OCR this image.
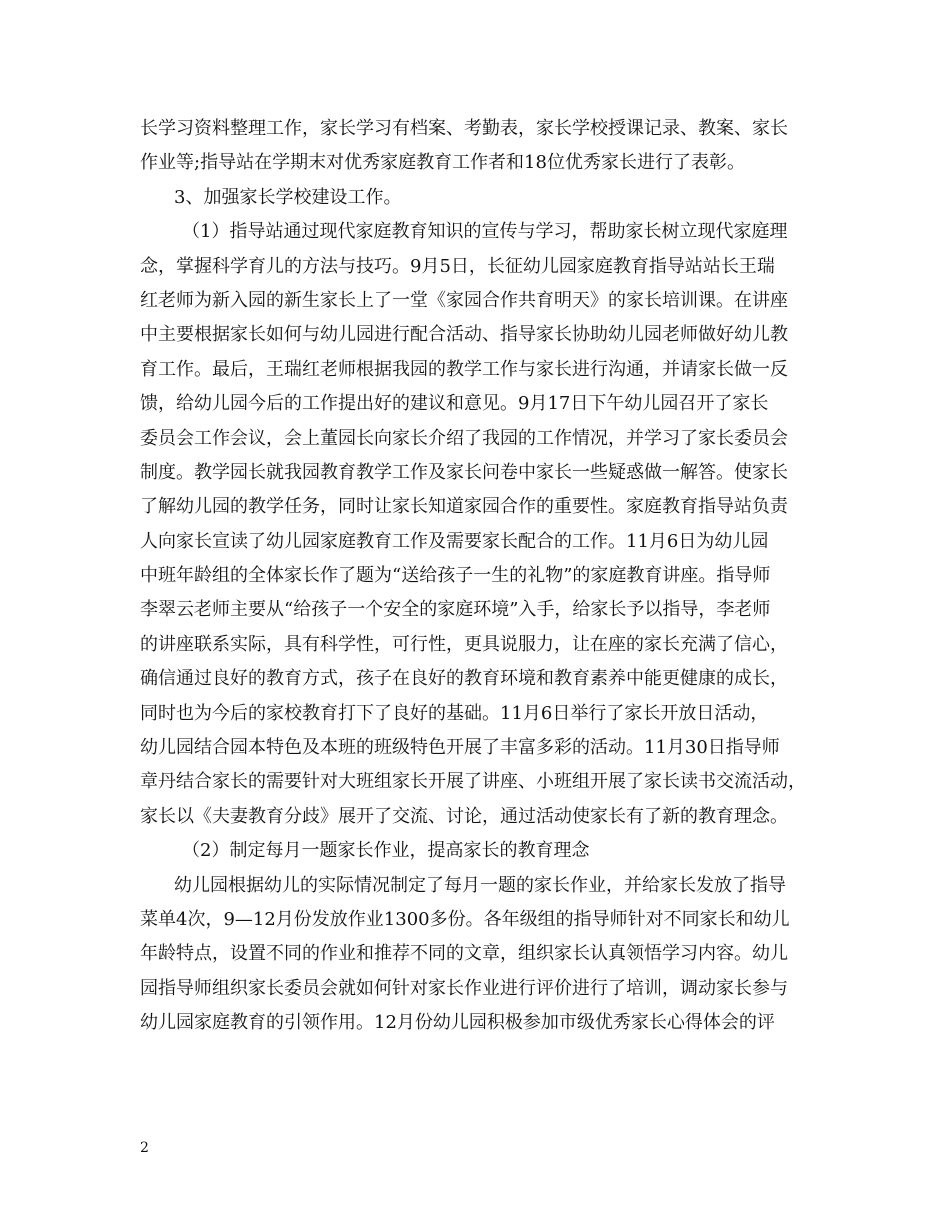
长学习资料整理工作，家长学习有档案、考勤表，家长学校授课记录、教案、家长
作业等;指导站在学期末对优秀家庭教育工作者和18位优秀家长进行了表彰。
3、加强家长学校建设工作。
（1）指导站通过现代家庭教育知识的宣传与学习，帮助家长树立现代家庭理
念，掌握科学育儿的方法与技巧。9月5日，长征幼儿园家庭教育指导站站长王瑞
红老师为新入园的新生家长上了一堂《家园合作共育明天》的家长培训课。在讲座
中主要根据家长如何与幼儿园进行配合活动、指导家长协助幼儿园老师做好幼儿教
育工作。最后，王瑞红老师根据我园的教学工作与家长进行沟通，并请家长做一反
馈，给幼儿园今后的工作提出好的建议和意见。9月17日下午幼儿园召开了家长
委员会工作会议，会上董园长向家长介绍了我园的工作情况，并学习了家长委员会
制度。教学园长就我园教育教学工作及家长问卷中家长一些疑惑做一解答。使家长
了解幼儿园的教学任务，同时让家长知道家园合作的重要性。家庭教育指导站负责
人向家长宣读了幼儿园家庭教育工作及需要家长配合的工作。11月6日为幼儿园
中班年龄组的全体家长作了题为“送给孩子一生的礼物”的家庭教育讲座。指导师
李翠云老师主要从“给孩子一个安全的家庭环境”入手，给家长予以指导，李老师
的讲座联系实际，具有科学性，可行性，更具说服力，让在座的家长充满了信心，
确信通过良好的教育方式，孩子在良好的教育环境和教育素养中能更健康的成长，
同时也为今后的家校教育打下了良好的基础。11月6日举行了家长开放日活动，
幼儿园结合园本特色及本班的班级特色开展了丰富多彩的活动。11月30日指导师
章丹结合家长的需要针对大班组家长开展了讲座、小班组开展了家长读书交流活动，
家长以《夫妻教育分歧》展开了交流、讨论，通过活动使家长有了新的教育理念。
（2）制定每月一题家长作业，提高家长的教育理念
幼儿园根据幼儿的实际情况制定了每月一题的家长作业，并给家长发放了指导
菜单4次，9—12月份发放作业1300多份。各年级组的指导师针对不同家长和幼儿
年龄特点，设置不同的作业和推荐不同的文章，组织家长认真领悟学习内容。幼儿
园指导师组织家长委员会就如何针对家长作业进行评价进行了培训，调动家长参与
幼儿园家庭教育的引领作用。12月份幼儿园积极参加市级优秀家长心得体会的评
2
